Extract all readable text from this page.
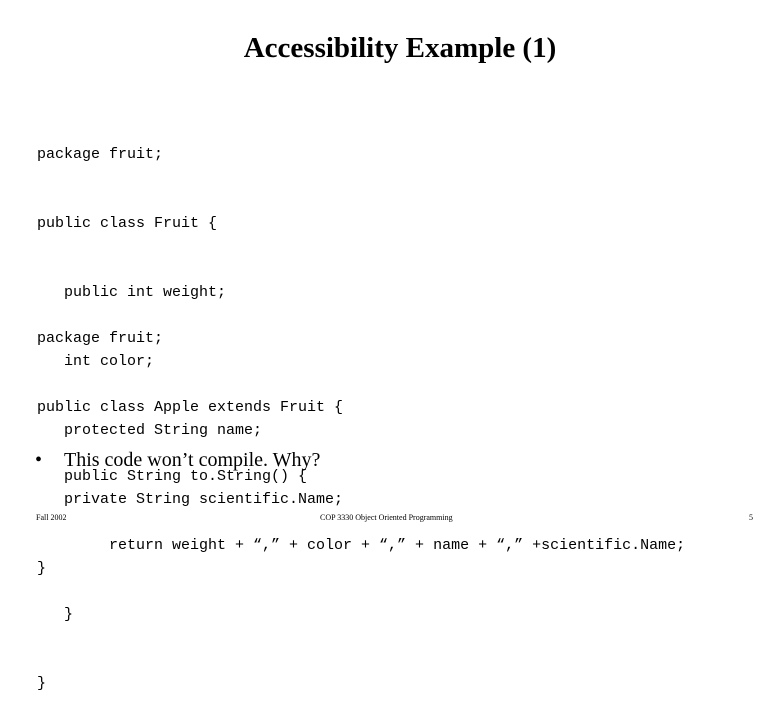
Accessibility Example (1)

package fruit;

public class Fruit {

public int weight;

int color;

protected String name;

private String scientific.Name;

}

package fruit;

public class Apple extends Fruit {

public String to.String() {

return weight + “,” + color + “,” + name + “,” +scientific.Name;

}

}

• This code won’t compile. Why?
Fall 2002	COP 3330 Object Oriented Programming	5
